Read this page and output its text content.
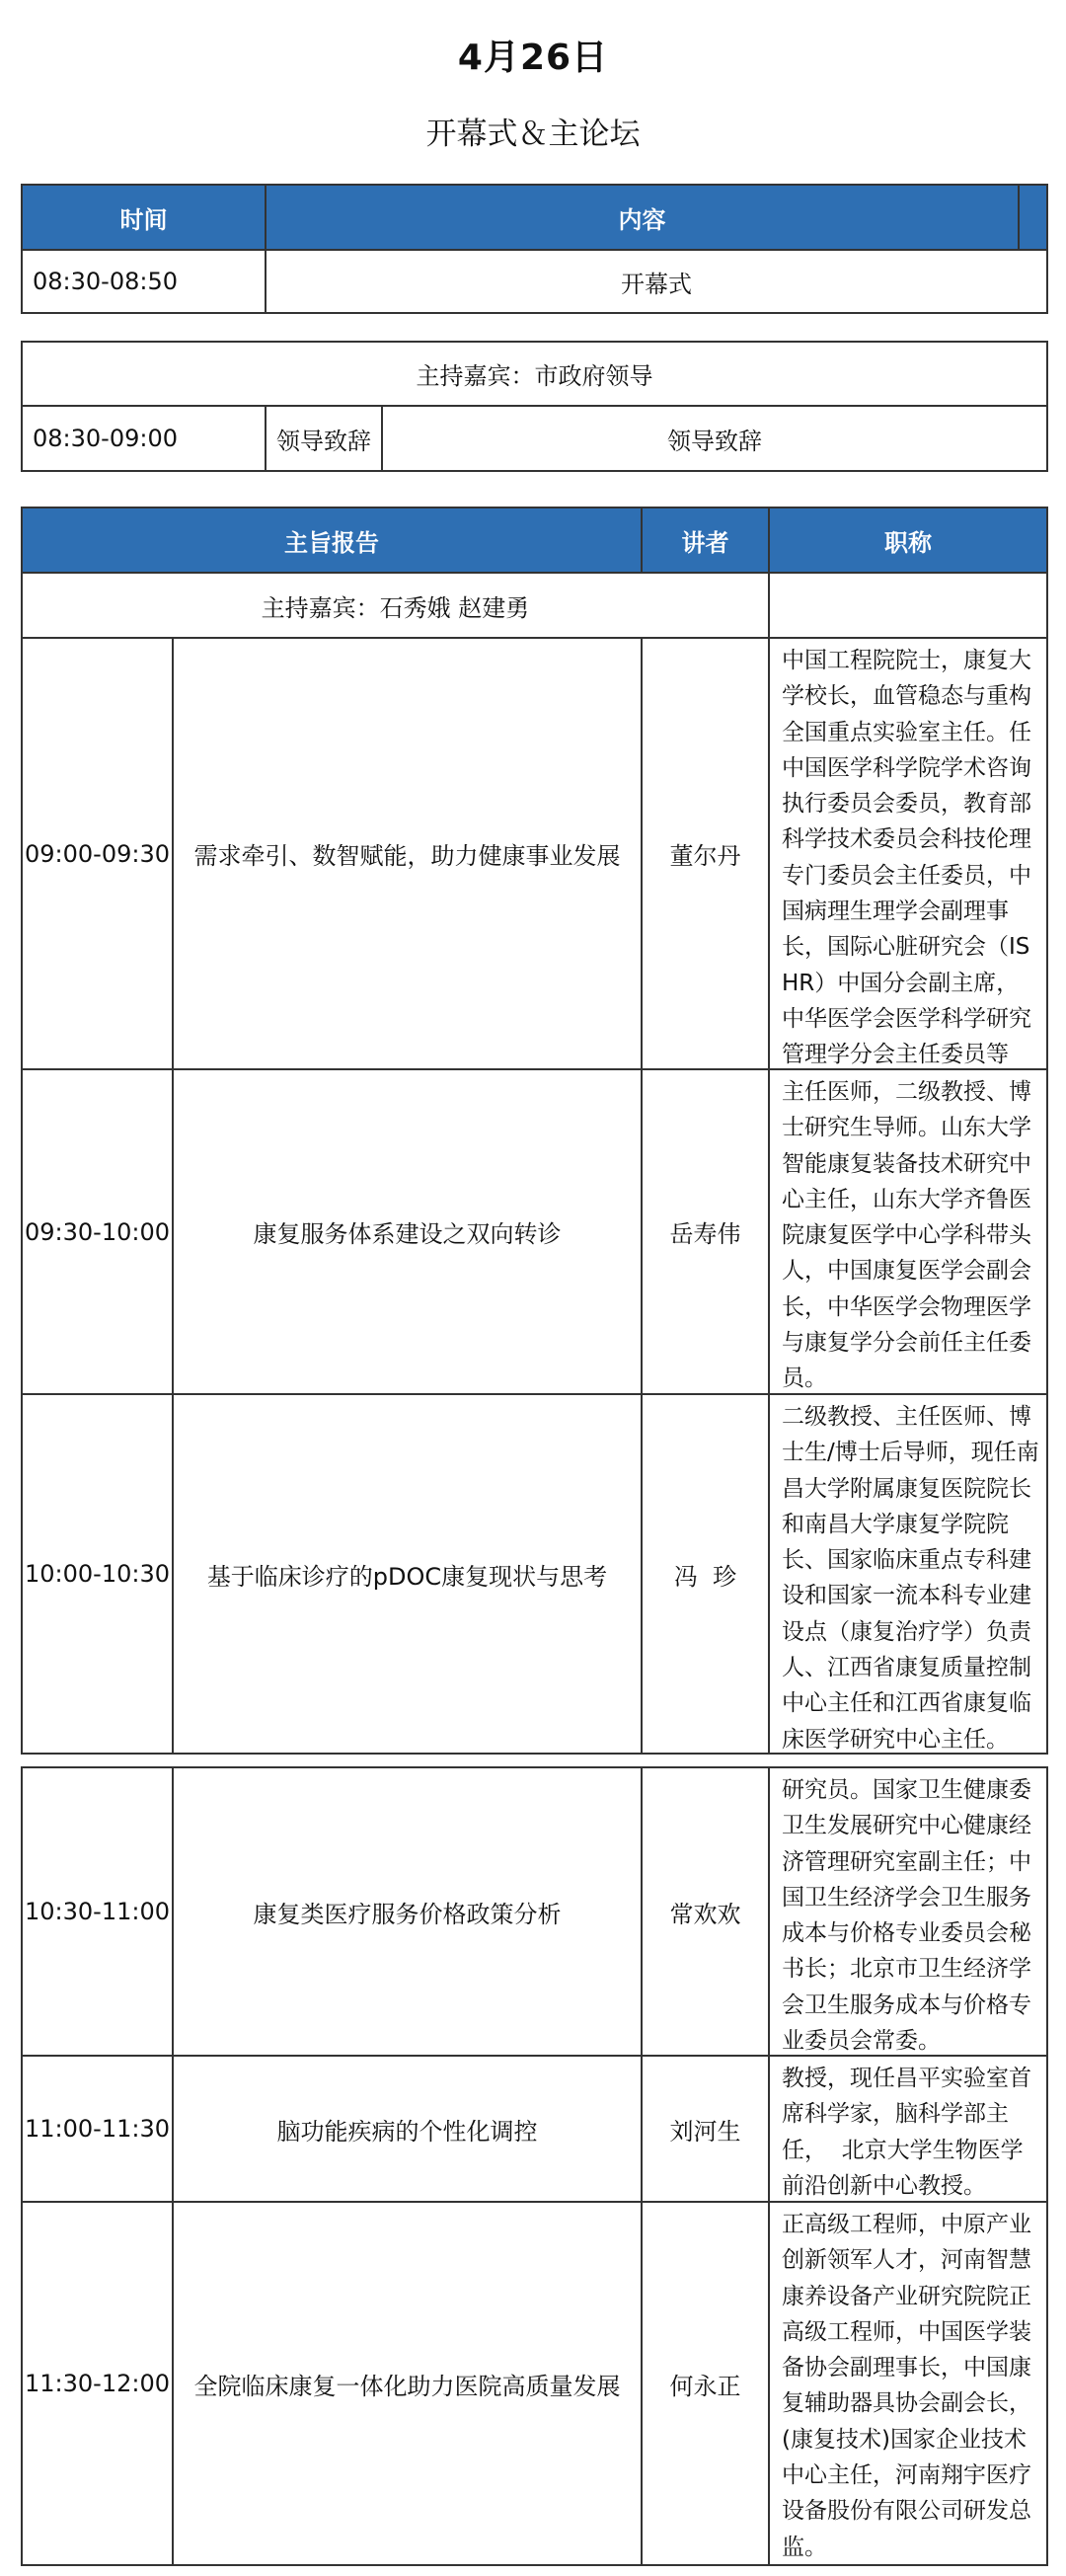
4月26日
开幕式＆主论坛
时间	内容	
08:30-08:50	开幕式	
主持嘉宾：市政府领导
08:30-09:00	领导致辞	领导致辞
主旨报告		讲者	职称
主持嘉宾：石秀娥 赵建勇			
09:00-09:30	需求牵引、数智赋能，助力健康事业发展	董尔丹	中国工程院院士，康复大学校长，血管稳态与重构全国重点实验室主任。任中国医学科学院学术咨询执行委员会委员，教育部科学技术委员会科技伦理专门委员会主任委员，中国病理生理学会副理事长，国际心脏研究会（ISHR）中国分会副主席，中华医学会医学科学研究管理学分会主任委员等

09:30-10:00	康复服务体系建设之双向转诊	岳寿伟	主任医师，二级教授、博士研究生导师。山东大学智能康复装备技术研究中心主任，山东大学齐鲁医院康复医学中心学科带头人，中国康复医学会副会长，中华医学会物理医学与康复学分会前任主任委员。

10:00-10:30	基于临床诊疗的pDOC康复现状与思考	冯  珍	二级教授、主任医师、博士生/博士后导师，现任南昌大学附属康复医院院长和南昌大学康复学院院长、国家临床重点专科建设和国家一流本科专业建设点（康复治疗学）负责人、江西省康复质量控制中心主任和江西省康复临床医学研究中心主任。
10:30-11:00	康复类医疗服务价格政策分析	常欢欢	研究员。国家卫生健康委卫生发展研究中心健康经济管理研究室副主任；中国卫生经济学会卫生服务成本与价格专业委员会秘书长；北京市卫生经济学会卫生服务成本与价格专业委员会常委。

11:00-11:30	脑功能疾病的个性化调控	刘河生	教授，现任昌平实验室首席科学家，脑科学部主任，  北京大学生物医学前沿创新中心教授。

11:30-12:00	全院临床康复一体化助力医院高质量发展	何永正	正高级工程师，中原产业创新领军人才，河南智慧康养设备产业研究院院正高级工程师，中国医学装备协会副理事长，中国康复辅助器具协会副会长，(康复技术)国家企业技术中心主任，河南翔宇医疗设备股份有限公司研发总监。
